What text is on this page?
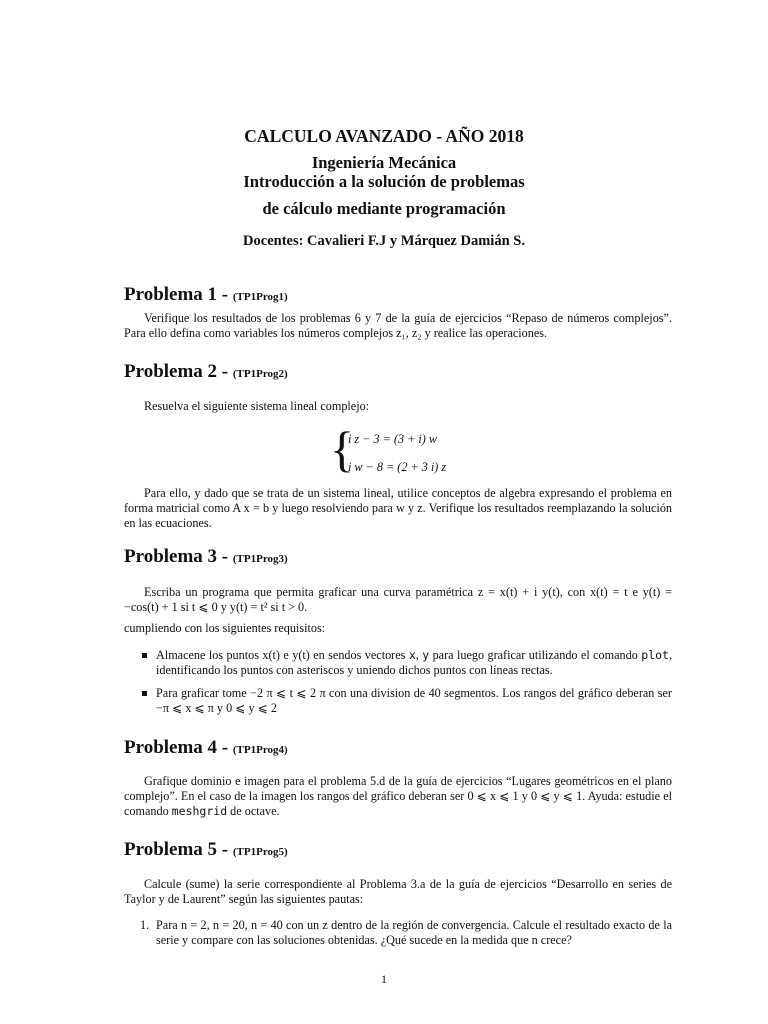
CALCULO AVANZADO - AÑO 2018
Ingeniería Mecánica
Introducción a la solución de problemas
de cálculo mediante programación
Docentes: Cavalieri F.J y Márquez Damián S.
Problema 1 - (TP1Prog1)
Verifique los resultados de los problemas 6 y 7 de la guía de ejercicios “Repaso de números complejos”. Para ello defina como variables los números complejos z₁, z₂ y realice las operaciones.
Problema 2 - (TP1Prog2)
Resuelva el siguiente sistema lineal complejo:
{
i z − 3 = (3 + i) w
i w − 8 = (2 + 3 i) z
Para ello, y dado que se trata de un sistema lineal, utilice conceptos de algebra expresando el problema en forma matricial como A x = b y luego resolviendo para w y z. Verifique los resultados reemplazando la solución en las ecuaciones.
Problema 3 - (TP1Prog3)
Escriba un programa que permita graficar una curva paramétrica z = x(t) + i y(t), con x(t) = t e y(t) = −cos(t) + 1 si t ⩽ 0 y y(t) = t² si t > 0.
cumpliendo con los siguientes requisitos:
Almacene los puntos x(t) e y(t) en sendos vectores x, y para luego graficar utilizando el comando plot, identificando los puntos con asteriscos y uniendo dichos puntos con líneas rectas.
Para graficar tome −2 π ⩽ t ⩽ 2 π con una division de 40 segmentos. Los rangos del gráfico deberan ser −π ⩽ x ⩽ π y 0 ⩽ y ⩽ 2
Problema 4 - (TP1Prog4)
Grafique dominio e imagen para el problema 5.d de la guía de ejercicios “Lugares geométricos en el plano complejo”. En el caso de la imagen los rangos del gráfico deberan ser 0 ⩽ x ⩽ 1 y 0 ⩽ y ⩽ 1. Ayuda: estudie el comando meshgrid de octave.
Problema 5 - (TP1Prog5)
Calcule (sume) la serie correspondiente al Problema 3.a de la guía de ejercicios “Desarrollo en series de Taylor y de Laurent” según las siguientes pautas:
1. Para n = 2, n = 20, n = 40 con un z dentro de la región de convergencia. Calcule el resultado exacto de la serie y compare con las soluciones obtenidas. ¿Qué sucede en la medida que n crece?
1
